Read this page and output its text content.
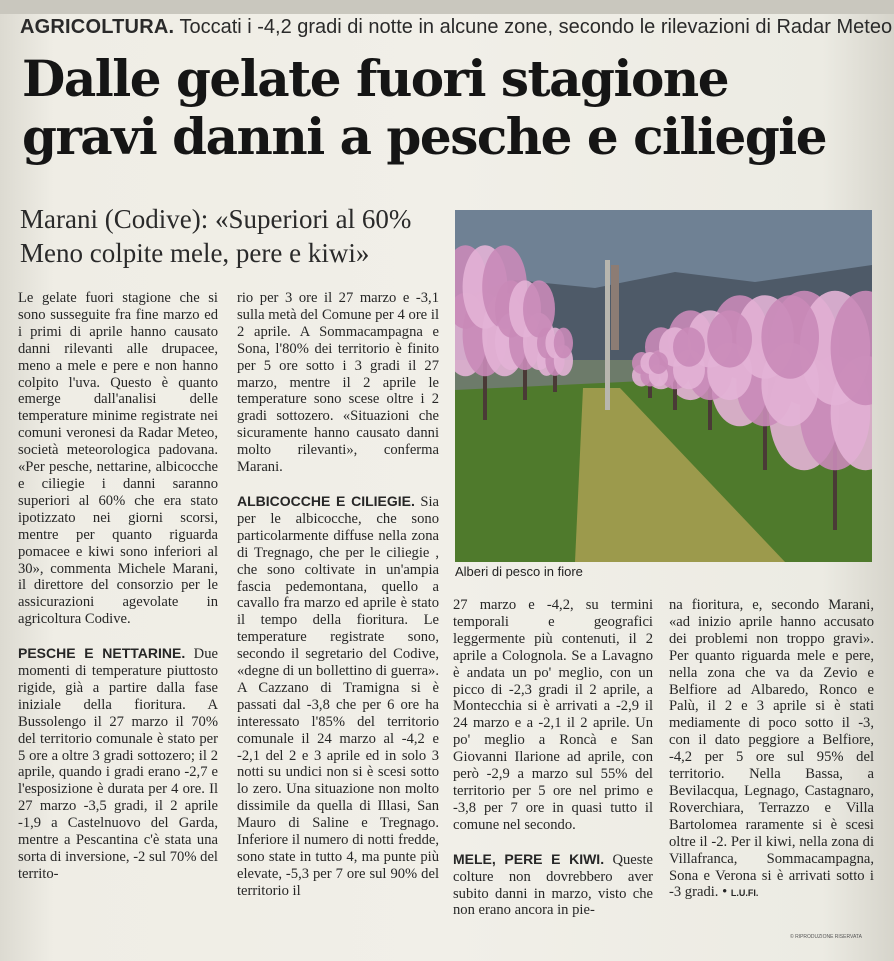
AGRICOLTURA. Toccati i -4,2 gradi di notte in alcune zone, secondo le rilevazioni di Radar Meteo
Dalle gelate fuori stagione
gravi danni a pesche e ciliegie
Marani (Codive): «Superiori al 60%
Meno colpite mele, pere e kiwi»
Alberi di pesco in fiore

Le gelate fuori stagione che si sono susseguite fra fine marzo ed i primi di aprile hanno causato danni rilevanti alle drupacee, meno a mele e pere e non hanno colpito l'uva. Questo è quanto emerge dall'analisi delle temperature minime registrate nei comuni veronesi da Radar Meteo, società meteorologica padovana. «Per pesche, nettarine, albicocche e ciliegie i danni saranno superiori al 60% che era stato ipotizzato nei giorni scorsi, mentre per quanto riguarda pomacee e kiwi sono inferiori al 30», commenta Michele Marani, il direttore del consorzio per le assicurazioni agevolate in agricoltura Codive.

PESCHE E NETTARINE. Due momenti di temperature piuttosto rigide, già a partire dalla fase iniziale della fioritura. A Bussolengo il 27 marzo il 70% del territorio comunale è stato per 5 ore a oltre 3 gradi sottozero; il 2 aprile, quando i gradi erano -2,7 e l'esposizione è durata per 4 ore. Il 27 marzo -3,5 gradi, il 2 aprile -1,9 a Castelnuovo del Garda, mentre a Pescantina c'è stata una sorta di inversione, -2 sul 70% del territo-

rio per 3 ore il 27 marzo e -3,1 sulla metà del Comune per 4 ore il 2 aprile. A Sommacampagna e Sona, l'80% dei territorio è finito per 5 ore sotto i 3 gradi il 27 marzo, mentre il 2 aprile le temperature sono scese oltre i 2 gradi sottozero. «Situazioni che sicuramente hanno causato danni molto rilevanti», conferma Marani.

ALBICOCCHE E CILIEGIE. Sia per le albicocche, che sono particolarmente diffuse nella zona di Tregnago, che per le ciliegie , che sono coltivate in un'ampia fascia pedemontana, quello a cavallo fra marzo ed aprile è stato il tempo della fioritura. Le temperature registrate sono, secondo il segretario del Codive, «degne di un bollettino di guerra». A Cazzano di Tramigna si è passati dal -3,8 che per 6 ore ha interessato l'85% del territorio comunale il 24 marzo al -4,2 e -2,1 del 2 e 3 aprile ed in solo 3 notti su undici non si è scesi sotto lo zero. Una situazione non molto dissimile da quella di Illasi, San Mauro di Saline e Tregnago. Inferiore il numero di notti fredde, sono state in tutto 4, ma punte più elevate, -5,3 per 7 ore sul 90% del territorio il

27 marzo e -4,2, su termini temporali e geografici leggermente più contenuti, il 2 aprile a Colognola. Se a Lavagno è andata un po' meglio, con un picco di -2,3 gradi il 2 aprile, a Montecchia si è arrivati a -2,9 il 24 marzo e a -2,1 il 2 aprile. Un po' meglio a Roncà e San Giovanni Ilarione ad aprile, con però -2,9 a marzo sul 55% del territorio per 5 ore nel primo e -3,8 per 7 ore in quasi tutto il comune nel secondo.

MELE, PERE E KIWI. Queste colture non dovrebbero aver subito danni in marzo, visto che non erano ancora in pie-

na fioritura, e, secondo Marani, «ad inizio aprile hanno accusato dei problemi non troppo gravi». Per quanto riguarda mele e pere, nella zona che va da Zevio e Belfiore ad Albaredo, Ronco e Palù, il 2 e 3 aprile si è stati mediamente di poco sotto il -3, con il dato peggiore a Belfiore, -4,2 per 5 ore sul 95% del territorio. Nella Bassa, a Bevilacqua, Legnago, Castagnaro, Roverchiara, Terrazzo e Villa Bartolomea raramente si è scesi oltre il -2. Per il kiwi, nella zona di Villafranca, Sommacampagna, Sona e Verona si è arrivati sotto i -3 gradi. • L.U.FI.

© RIPRODUZIONE RISERVATA
